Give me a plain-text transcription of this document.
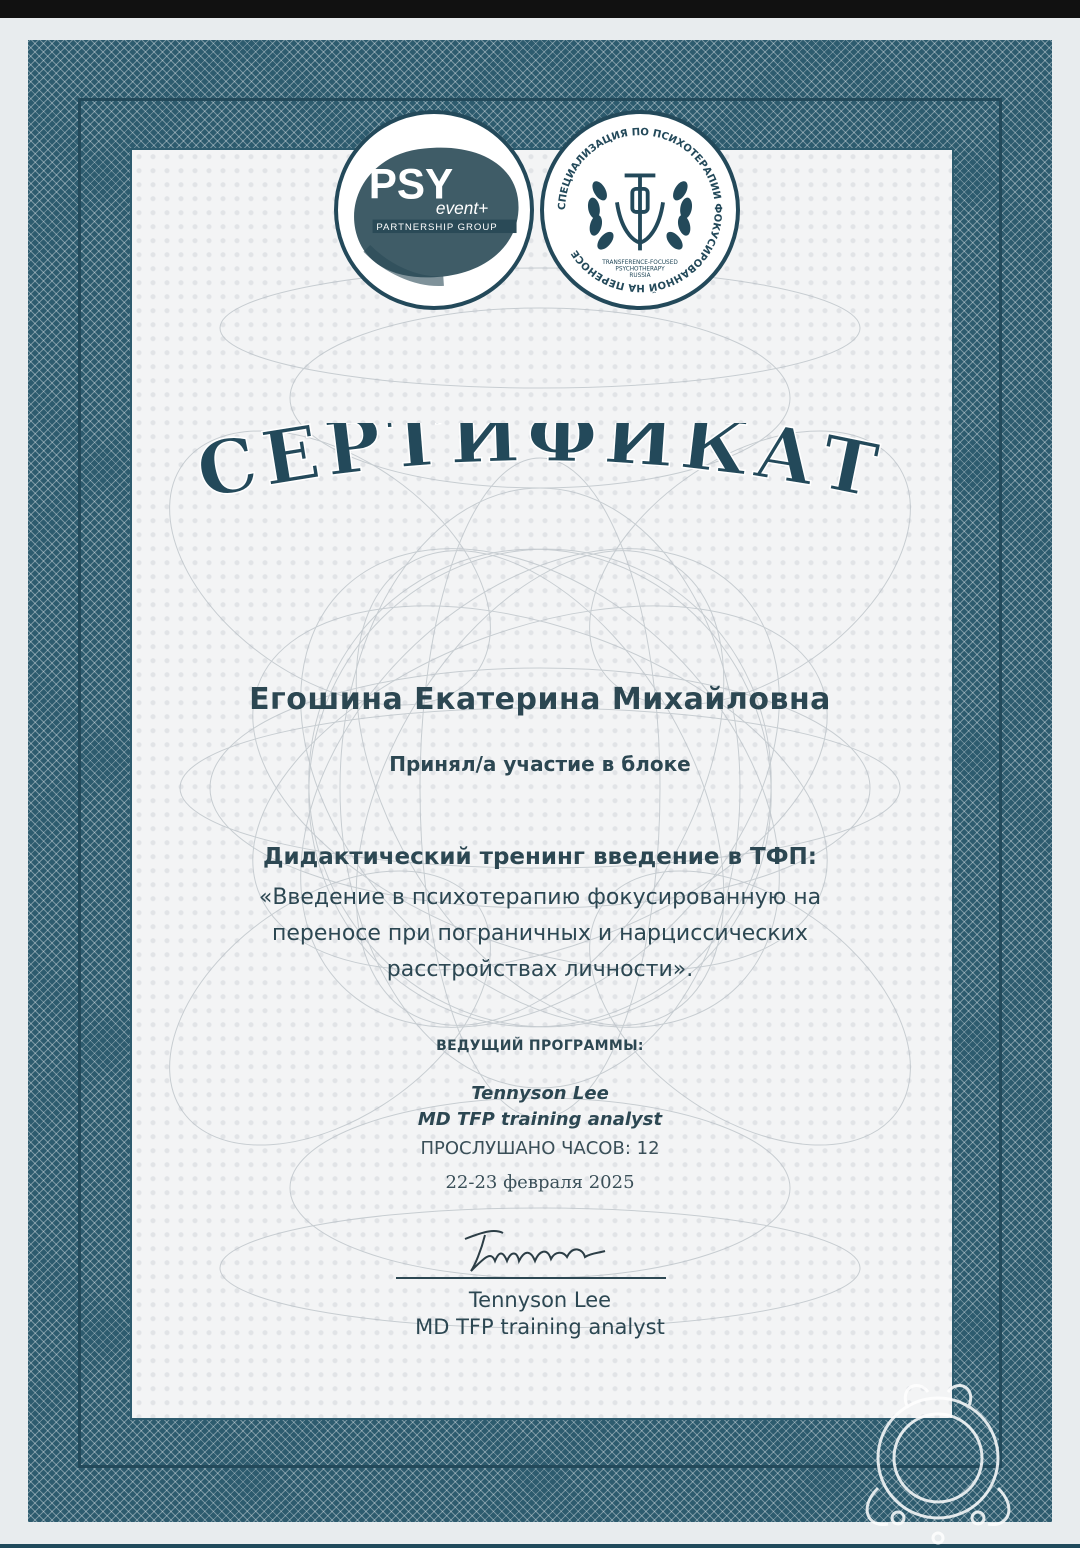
PSY
event+
PARTNERSHIP GROUP
СПЕЦИАЛИЗАЦИЯ ПО ПСИХОТЕРАПИИ ФОКУСИРОВАННОЙ НА ПЕРЕНОСЕ
TRANSFERENCE-FOCUSED
PSYCHOTHERAPY
RUSSIA
СЕРТИФИКАТ
Егошина Екатерина Михайловна
Принял/а участие в блоке
Дидактический тренинг введение в ТФП:
«Введение в психотерапию фокусированную на
переносе при пограничных и нарциссических
расстройствах личности».
ВЕДУЩИЙ ПРОГРАММЫ:
Tennyson Lee
MD TFP training analyst
ПРОСЛУШАНО ЧАСОВ: 12
22-23 февраля 2025
Tennyson Lee
MD TFP training analyst
